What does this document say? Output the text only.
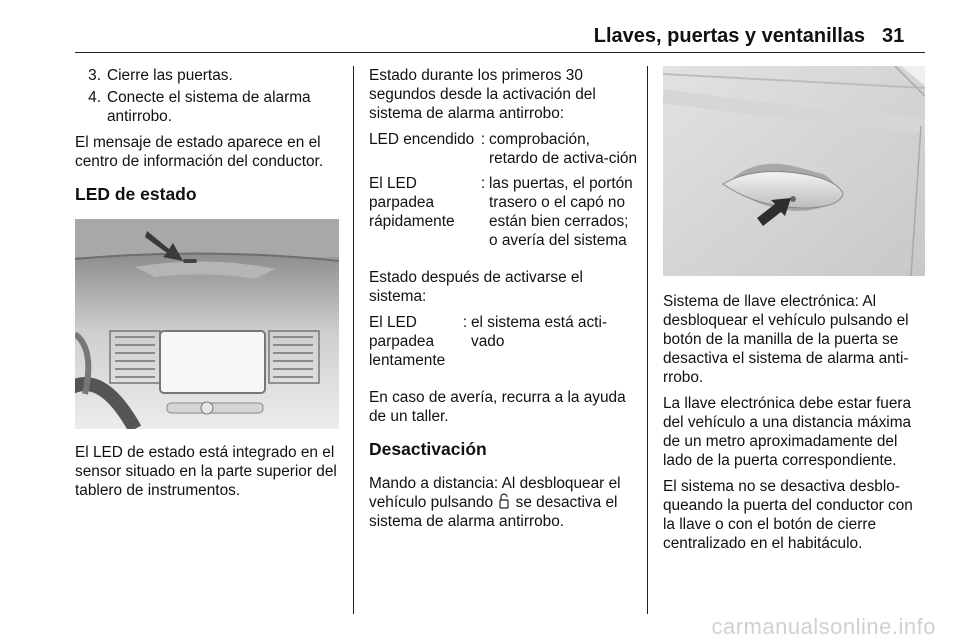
Llaves, puertas y ventanillas 31
3. Cierre las puertas.
4. Conecte el sistema de alarma antirrobo.

El mensaje de estado aparece en el centro de información del conductor.

LED de estado

El LED de estado está integrado en el sensor situado en la parte superior del tablero de instrumentos.

Estado durante los primeros 30 segundos desde la activación del sistema de alarma antirrobo:

LED encendido	:	comprobación, retardo de activa-ción
El LED parpadea rápidamente	:	las puertas, el portón trasero o el capó no están bien cerrados; o avería del sistema

Estado después de activarse el sistema:

El LED parpadea lentamente	:	el sistema está acti-vado

En caso de avería, recurra a la ayuda de un taller.

Desactivación

Mando a distancia: Al desbloquear el vehículo pulsando se desactiva el sistema de alarma antirrobo.

Sistema de llave electrónica: Al desbloquear el vehículo pulsando el botón de la manilla de la puerta se desactiva el sistema de alarma anti-rrobo.

La llave electrónica debe estar fuera del vehículo a una distancia máxima de un metro aproximadamente del lado de la puerta correspondiente.

El sistema no se desactiva desblo-queando la puerta del conductor con la llave o con el botón de cierre centralizado en el habitáculo.

carmanualsonline.info
